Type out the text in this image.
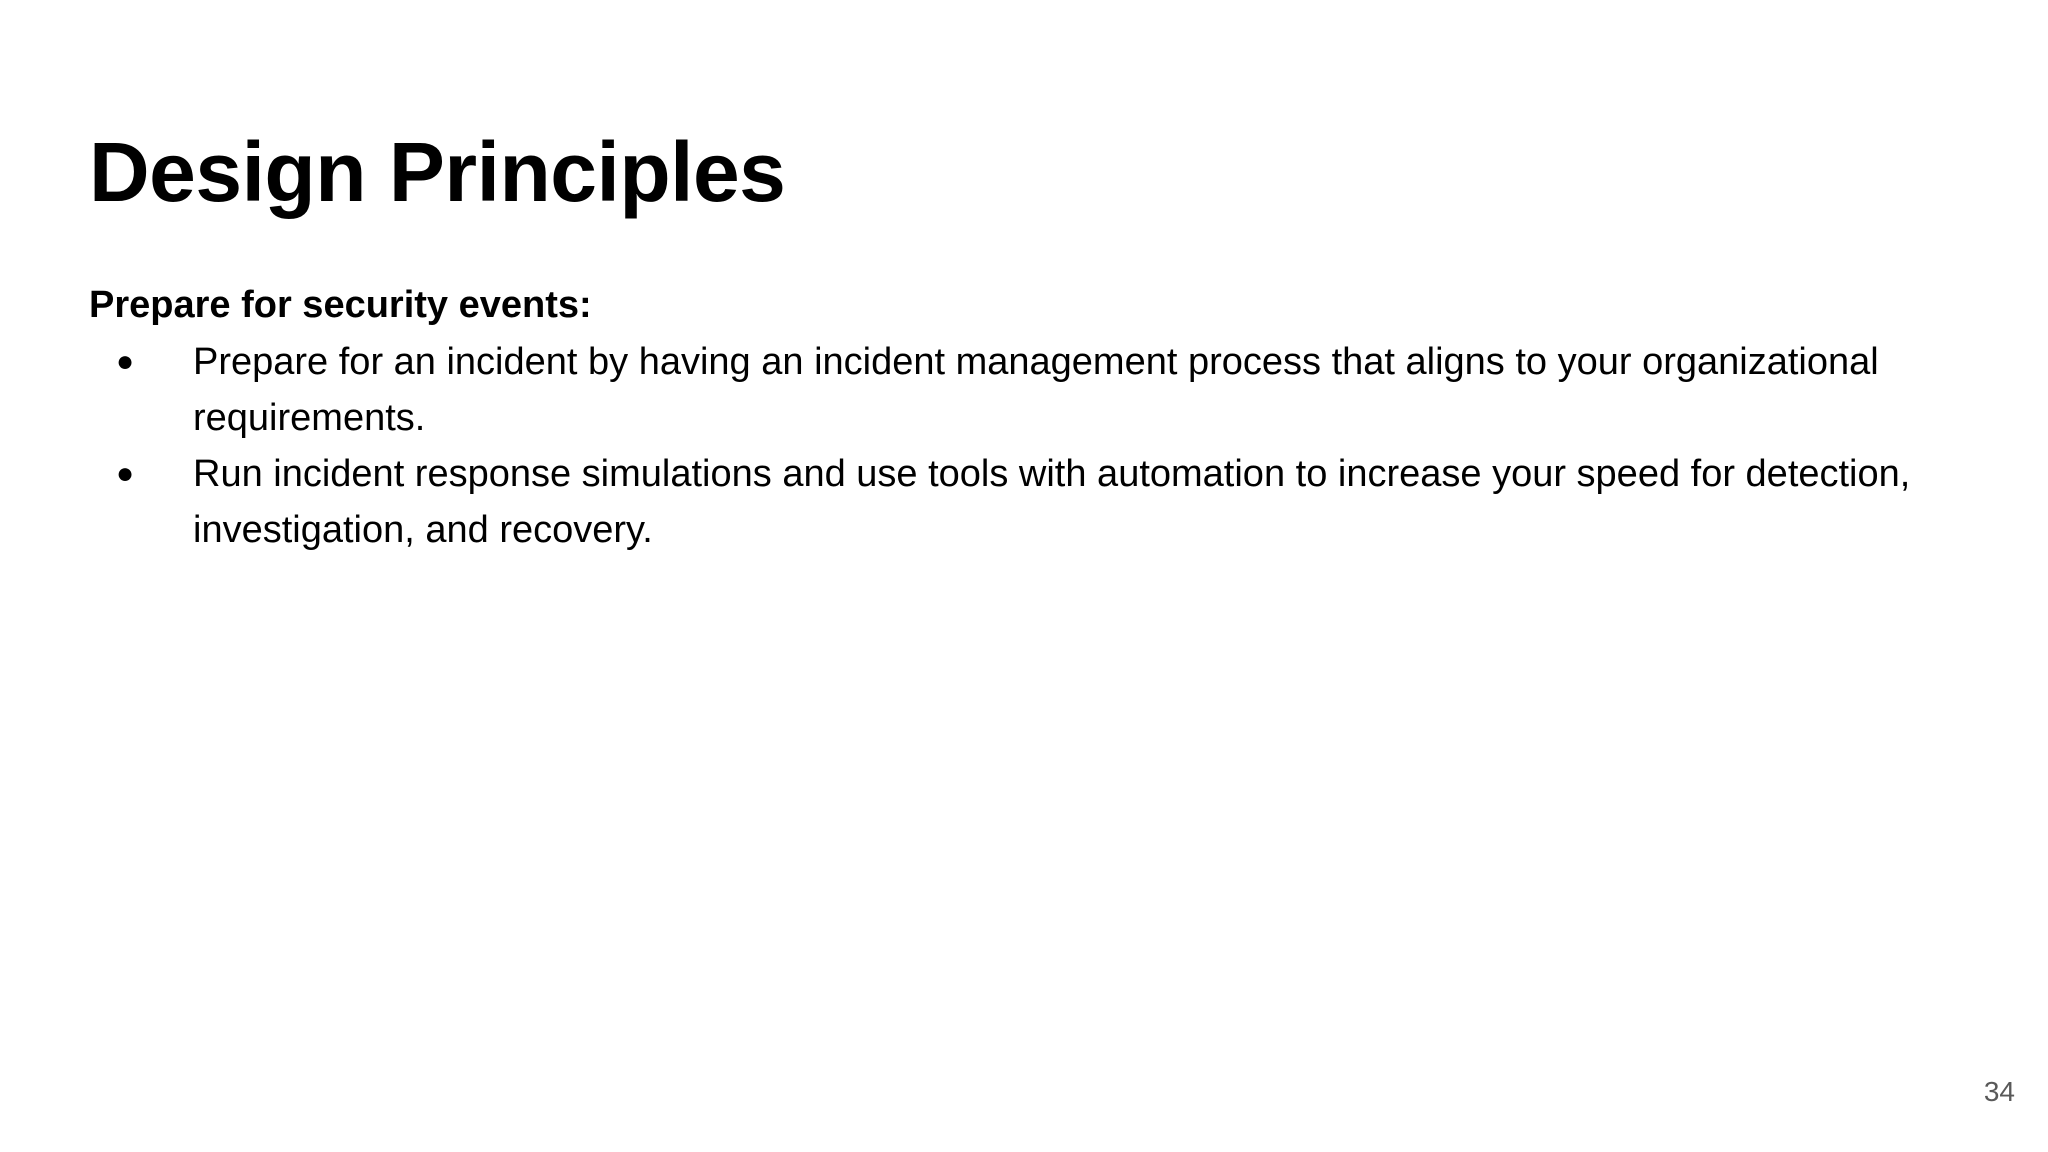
Design Principles

Prepare for security events:

● Prepare for an incident by having an incident management process that aligns to your organizational requirements.
● Run incident response simulations and use tools with automation to increase your speed for detection, investigation, and recovery.
34
